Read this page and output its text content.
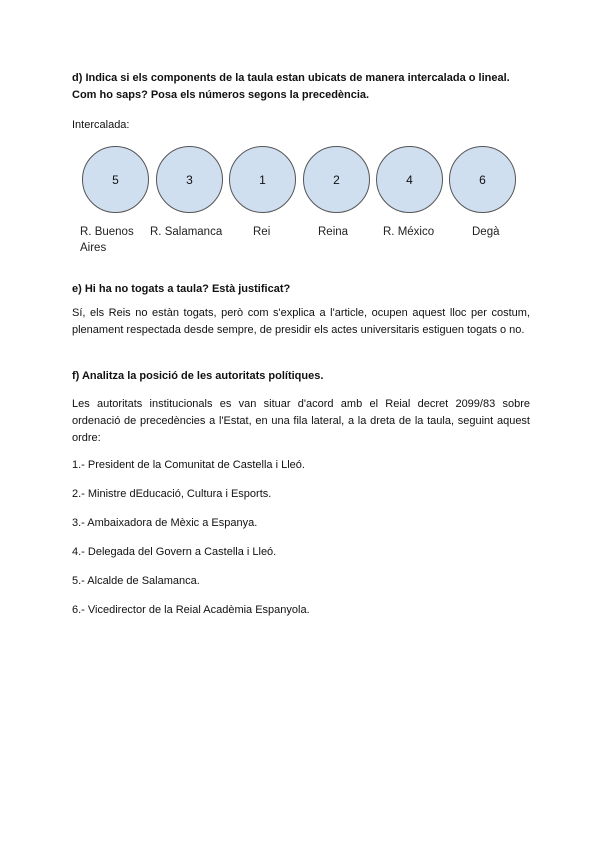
d) Indica si els components de la taula estan ubicats de manera intercalada o lineal. Com ho saps? Posa els números segons la precedència.

Intercalada:

5	3	1	2	4	6
R. Buenos Aires
R. Salamanca	Rei	Reina	R. México	Degà

e) Hi ha no togats a taula? Està justificat?

Sí, els Reis no estàn togats, però com s'explica a l'article, ocupen aquest lloc per costum, plenament respectada desde sempre, de presidir els actes universitaris estiguen togats o no.

f) Analitza la posició de les autoritats polítiques.

Les autoritats institucionals es van situar d'acord amb el Reial decret 2099/83 sobre ordenació de precedències a l'Estat, en una fila lateral, a la dreta de la taula, seguint aquest ordre:

1.- President de la Comunitat de Castella i Lleó.

2.- Ministre dEducació, Cultura i Esports.

3.- Ambaixadora de Mèxic a Espanya.

4.- Delegada del Govern a Castella i Lleó.

5.- Alcalde de Salamanca.

6.- Vicedirector de la Reial Acadèmia Espanyola.
